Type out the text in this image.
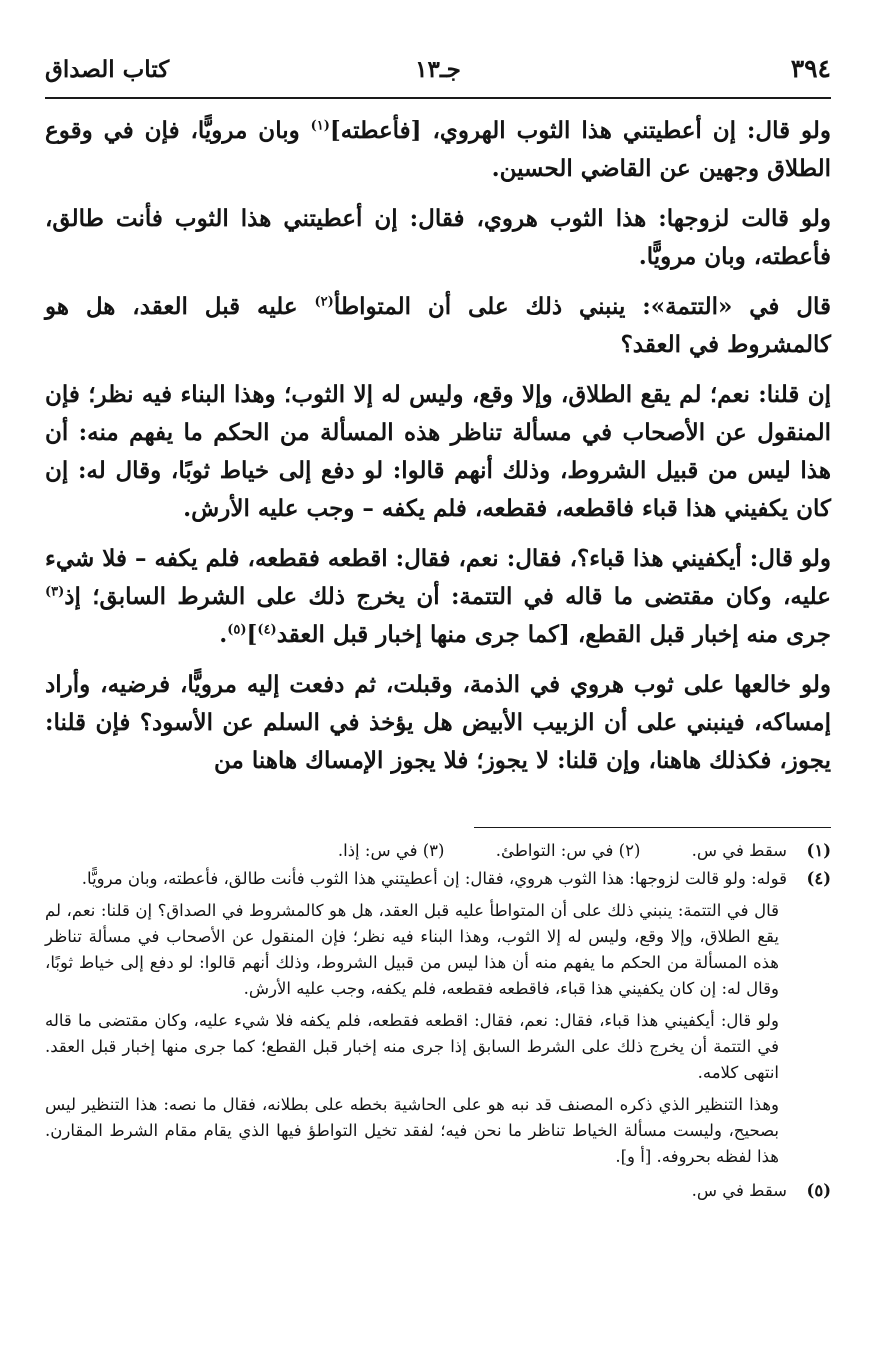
٣٩٤
جـ١٣
كتاب الصداق

ولو قال: إن أعطيتني هذا الثوب الهروي، [فأعطته]$^{(١)}$ وبان مرويًّا، فإن في وقوع الطلاق وجهين عن القاضي الحسين.

ولو قالت لزوجها: هذا الثوب هروي، فقال: إن أعطيتني هذا الثوب فأنت طالق، فأعطته، وبان مرويًّا.

قال في «التتمة»: ينبني ذلك على أن المتواطأ$^{(٢)}$ عليه قبل العقد، هل هو كالمشروط في العقد؟

إن قلنا: نعم؛ لم يقع الطلاق، وإلا وقع، وليس له إلا الثوب؛ وهذا البناء فيه نظر؛ فإن المنقول عن الأصحاب في مسألة تناظر هذه المسألة من الحكم ما يفهم منه: أن هذا ليس من قبيل الشروط، وذلك أنهم قالوا: لو دفع إلى خياط ثوبًا، وقال له: إن كان يكفيني هذا قباء فاقطعه، فقطعه، فلم يكفه – وجب عليه الأرش.

ولو قال: أيكفيني هذا قباء؟، فقال: نعم، فقال: اقطعه فقطعه، فلم يكفه – فلا شيء عليه، وكان مقتضى ما قاله في التتمة: أن يخرج ذلك على الشرط السابق؛ إذ$^{(٣)}$ جرى منه إخبار قبل القطع، [كما جرى منها إخبار قبل العقد$^{(٤)}$]$^{(٥)}$.

ولو خالعها على ثوب هروي في الذمة، وقبلت، ثم دفعت إليه مرويًّا، فرضيه، وأراد إمساكه، فينبني على أن الزبيب الأبيض هل يؤخذ في السلم عن الأسود؟ فإن قلنا: يجوز، فكذلك هاهنا، وإن قلنا: لا يجوز؛ فلا يجوز الإمساك هاهنا من

(١)
سقط في س. (٢) في س: التواطئ. (٣) في س: إذا.
(٤)

قوله: ولو قالت لزوجها: هذا الثوب هروي، فقال: إن أعطيتني هذا الثوب فأنت طالق، فأعطته، وبان مرويًّا.

قال في التتمة: ينبني ذلك على أن المتواطأ عليه قبل العقد، هل هو كالمشروط في الصداق؟ إن قلنا: نعم، لم يقع الطلاق، وإلا وقع، وليس له إلا الثوب، وهذا البناء فيه نظر؛ فإن المنقول عن الأصحاب في مسألة تناظر هذه المسألة من الحكم ما يفهم منه أن هذا ليس من قبيل الشروط، وذلك أنهم قالوا: لو دفع إلى خياط ثوبًا، وقال له: إن كان يكفيني هذا قباء، فاقطعه فقطعه، فلم يكفه، وجب عليه الأرش.

ولو قال: أيكفيني هذا قباء، فقال: نعم، فقال: اقطعه فقطعه، فلم يكفه فلا شيء عليه، وكان مقتضى ما قاله في التتمة أن يخرج ذلك على الشرط السابق إذا جرى منه إخبار قبل القطع؛ كما جرى منها إخبار قبل العقد. انتهى كلامه.

وهذا التنظير الذي ذكره المصنف قد نبه هو على الحاشية بخطه على بطلانه، فقال ما نصه: هذا التنظير ليس بصحيح، وليست مسألة الخياط تناظر ما نحن فيه؛ لفقد تخيل التواطؤ فيها الذي يقام مقام الشرط المقارن. هذا لفظه بحروفه. [أ و].

(٥)
سقط في س.
